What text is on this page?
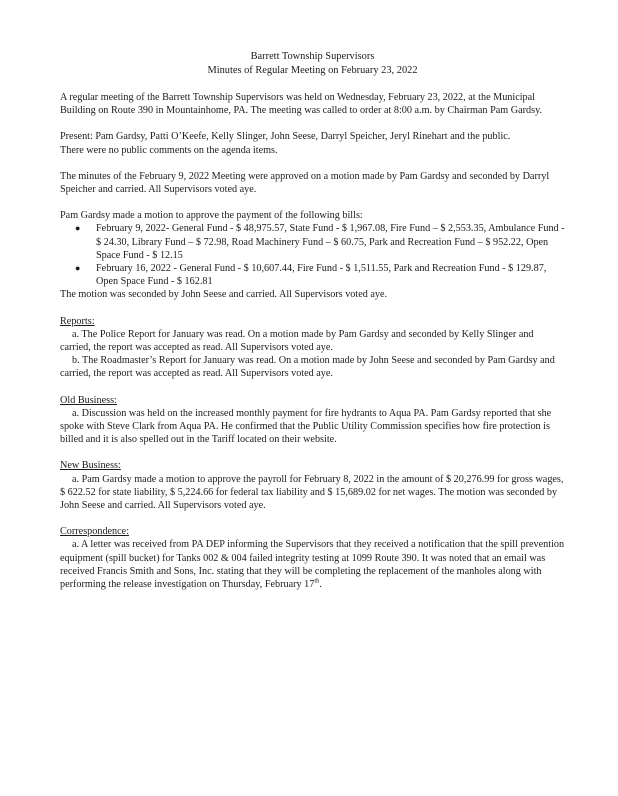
Barrett Township Supervisors
Minutes of Regular Meeting on February 23, 2022

A regular meeting of the Barrett Township Supervisors was held on Wednesday, February 23, 2022, at the Municipal Building on Route 390 in Mountainhome, PA. The meeting was called to order at 8:00 a.m. by Chairman Pam Gardsy.

Present: Pam Gardsy, Patti O’Keefe, Kelly Slinger, John Seese, Darryl Speicher, Jeryl Rinehart and the public.

There were no public comments on the agenda items.

The minutes of the February 9, 2022 Meeting were approved on a motion made by Pam Gardsy and seconded by Darryl Speicher and carried. All Supervisors voted aye.

Pam Gardsy made a motion to approve the payment of the following bills:

● February 9, 2022- General Fund - $ 48,975.57, State Fund - $ 1,967.08, Fire Fund – $ 2,553.35, Ambulance Fund - $ 24.30, Library Fund – $ 72.98, Road Machinery Fund – $ 60.75, Park and Recreation Fund – $ 952.22, Open Space Fund - $ 12.15
● February 16, 2022 - General Fund - $ 10,607.44, Fire Fund - $ 1,511.55, Park and Recreation Fund - $ 129.87, Open Space Fund - $ 162.81

The motion was seconded by John Seese and carried. All Supervisors voted aye.

Reports:

a. The Police Report for January was read. On a motion made by Pam Gardsy and seconded by Kelly Slinger and carried, the report was accepted as read. All Supervisors voted aye.

b. The Roadmaster’s Report for January was read. On a motion made by John Seese and seconded by Pam Gardsy and carried, the report was accepted as read. All Supervisors voted aye.

Old Business:

a. Discussion was held on the increased monthly payment for fire hydrants to Aqua PA. Pam Gardsy reported that she spoke with Steve Clark from Aqua PA. He confirmed that the Public Utility Commission specifies how fire protection is billed and it is also spelled out in the Tariff located on their website.

New Business:

a. Pam Gardsy made a motion to approve the payroll for February 8, 2022 in the amount of $ 20,276.99 for gross wages, $ 622.52 for state liability, $ 5,224.66 for federal tax liability and $ 15,689.02 for net wages. The motion was seconded by John Seese and carried. All Supervisors voted aye.

Correspondence:

a. A letter was received from PA DEP informing the Supervisors that they received a notification that the spill prevention equipment (spill bucket) for Tanks 002 & 004 failed integrity testing at 1099 Route 390. It was noted that an email was received Francis Smith and Sons, Inc. stating that they will be completing the replacement of the manholes along with performing the release investigation on Thursday, February 17th.
